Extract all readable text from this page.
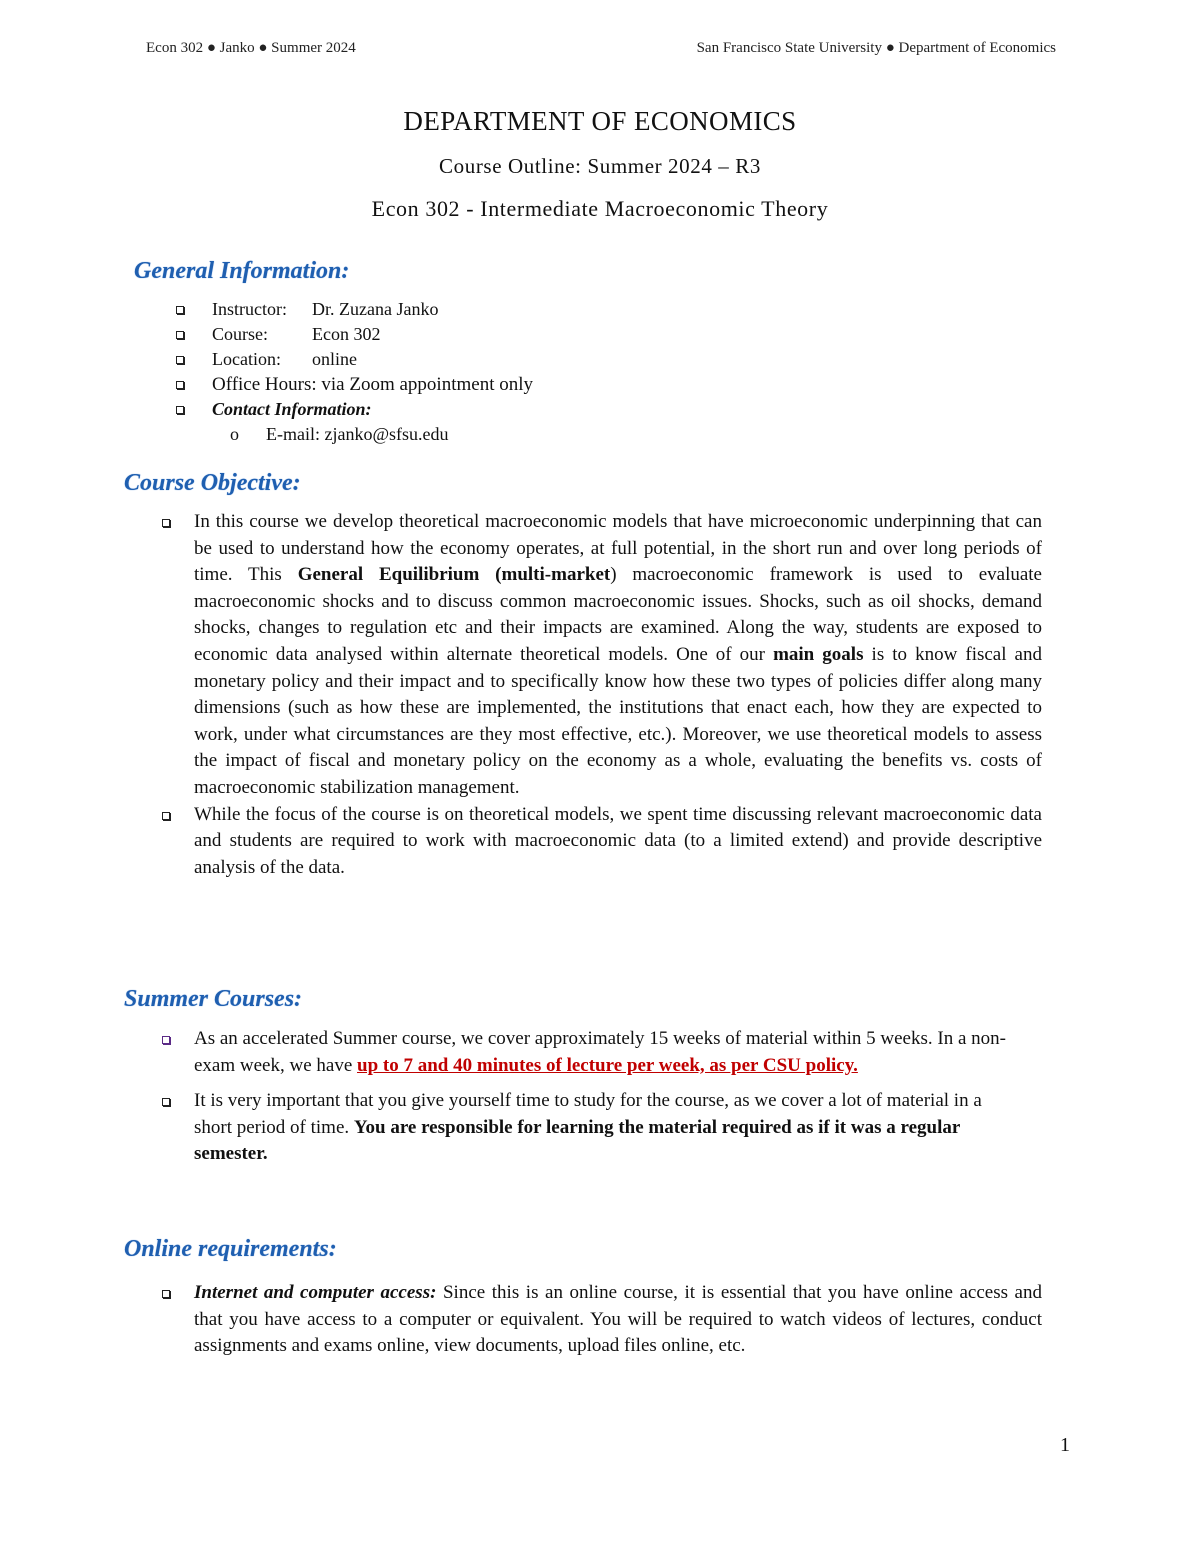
Econ 302 ● Janko ● Summer 2024	San Francisco State University ● Department of Economics
DEPARTMENT OF ECONOMICS
Course Outline: Summer 2024 – R3
Econ 302 - Intermediate Macroeconomic Theory
General Information:
Instructor: Dr. Zuzana Janko
Course: Econ 302
Location: online
Office Hours: via Zoom appointment only
Contact Information:
o E-mail: zjanko@sfsu.edu
Course Objective:
In this course we develop theoretical macroeconomic models that have microeconomic underpinning that can be used to understand how the economy operates, at full potential, in the short run and over long periods of time. This General Equilibrium (multi-market) macroeconomic framework is used to evaluate macroeconomic shocks and to discuss common macroeconomic issues. Shocks, such as oil shocks, demand shocks, changes to regulation etc and their impacts are examined. Along the way, students are exposed to economic data analysed within alternate theoretical models. One of our main goals is to know fiscal and monetary policy and their impact and to specifically know how these two types of policies differ along many dimensions (such as how these are implemented, the institutions that enact each, how they are expected to work, under what circumstances are they most effective, etc.). Moreover, we use theoretical models to assess the impact of fiscal and monetary policy on the economy as a whole, evaluating the benefits vs. costs of macroeconomic stabilization management.
While the focus of the course is on theoretical models, we spent time discussing relevant macroeconomic data and students are required to work with macroeconomic data (to a limited extend) and provide descriptive analysis of the data.
Summer Courses:
As an accelerated Summer course, we cover approximately 15 weeks of material within 5 weeks. In a non-exam week, we have up to 7 and 40 minutes of lecture per week, as per CSU policy.
It is very important that you give yourself time to study for the course, as we cover a lot of material in a short period of time. You are responsible for learning the material required as if it was a regular semester.
Online requirements:
Internet and computer access: Since this is an online course, it is essential that you have online access and that you have access to a computer or equivalent. You will be required to watch videos of lectures, conduct assignments and exams online, view documents, upload files online, etc.
1
